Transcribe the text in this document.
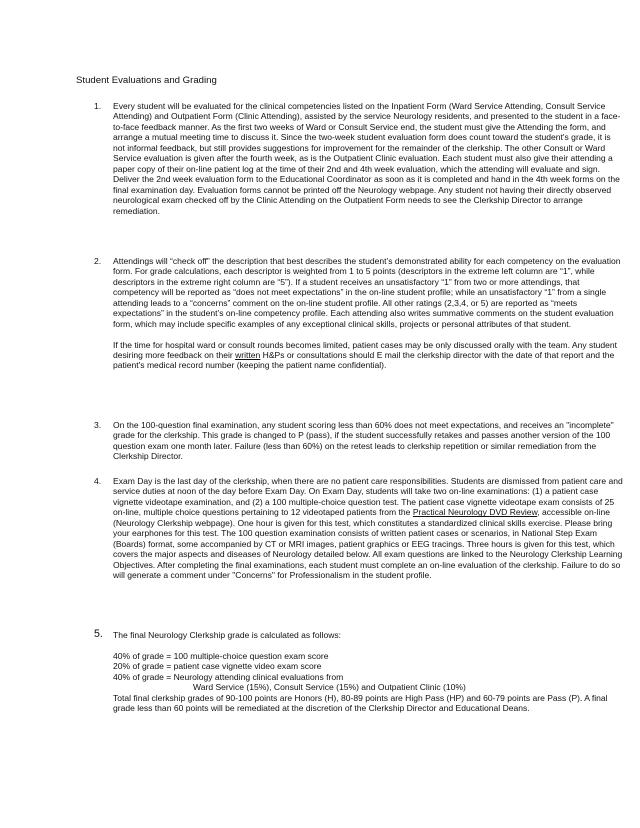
Student Evaluations and Grading
1. Every student will be evaluated for the clinical competencies listed on the Inpatient Form (Ward Service Attending, Consult Service Attending) and Outpatient Form (Clinic Attending), assisted by the service Neurology residents, and presented to the student in a face-to-face feedback manner. As the first two weeks of Ward or Consult Service end, the student must give the Attending the form, and arrange a mutual meeting time to discuss it. Since the two-week student evaluation form does count toward the student's grade, it is not informal feedback, but still provides suggestions for improvement for the remainder of the clerkship. The other Consult or Ward Service evaluation is given after the fourth week, as is the Outpatient Clinic evaluation. Each student must also give their attending a paper copy of their on-line patient log at the time of their 2nd and 4th week evaluation, which the attending will evaluate and sign. Deliver the 2nd week evaluation form to the Educational Coordinator as soon as it is completed and hand in the 4th week forms on the final examination day. Evaluation forms cannot be printed off the Neurology webpage. Any student not having their directly observed neurological exam checked off by the Clinic Attending on the Outpatient Form needs to see the Clerkship Director to arrange remediation.

2. Attendings will “check off” the description that best describes the student’s demonstrated ability for each competency on the evaluation form. For grade calculations, each descriptor is weighted from 1 to 5 points (descriptors in the extreme left column are “1”, while descriptors in the extreme right column are “5”). If a student receives an unsatisfactory “1” from two or more attendings, that competency will be reported as “does not meet expectations” in the on-line student profile; while an unsatisfactory “1” from a single attending leads to a “concerns” comment on the on-line student profile. All other ratings (2,3,4, or 5) are reported as “meets expectations” in the student’s on-line competency profile. Each attending also writes summative comments on the student evaluation form, which may include specific examples of any exceptional clinical skills, projects or personal attributes of that student.

If the time for hospital ward or consult rounds becomes limited, patient cases may be only discussed orally with the team. Any student desiring more feedback on their written H&Ps or consultations should E mail the clerkship director with the date of that report and the patient's medical record number (keeping the patient name confidential).

3. On the 100-question final examination, any student scoring less than 60% does not meet expectations, and receives an "incomplete" grade for the clerkship. This grade is changed to P (pass), if the student successfully retakes and passes another version of the 100 question exam one month later. Failure (less than 60%) on the retest leads to clerkship repetition or similar remediation from the Clerkship Director.

4. Exam Day is the last day of the clerkship, when there are no patient care responsibilities. Students are dismissed from patient care and service duties at noon of the day before Exam Day. On Exam Day, students will take two on-line examinations: (1) a patient case vignette videotape examination, and (2) a 100 multiple-choice question test. The patient case vignette videotape exam consists of 25 on-line, multiple choice questions pertaining to 12 videotaped patients from the Practical Neurology DVD Review, accessible on-line (Neurology Clerkship webpage). One hour is given for this test, which constitutes a standardized clinical skills exercise. Please bring your earphones for this test. The 100 question examination consists of written patient cases or scenarios, in National Step Exam (Boards) format, some accompanied by CT or MRI images, patient graphics or EEG tracings. Three hours is given for this test, which covers the major aspects and diseases of Neurology detailed below. All exam questions are linked to the Neurology Clerkship Learning Objectives. After completing the final examinations, each student must complete an on-line evaluation of the clerkship. Failure to do so will generate a comment under "Concerns" for Professionalism in the student profile.

5. The final Neurology Clerkship grade is calculated as follows:

40% of grade = 100 multiple-choice question exam score

20% of grade = patient case vignette video exam score

40% of grade = Neurology attending clinical evaluations from

Ward Service (15%), Consult Service (15%) and Outpatient Clinic (10%)

Total final clerkship grades of 90-100 points are Honors (H), 80-89 points are High Pass (HP) and 60-79 points are Pass (P). A final grade less than 60 points will be remediated at the discretion of the Clerkship Director and Educational Deans.
